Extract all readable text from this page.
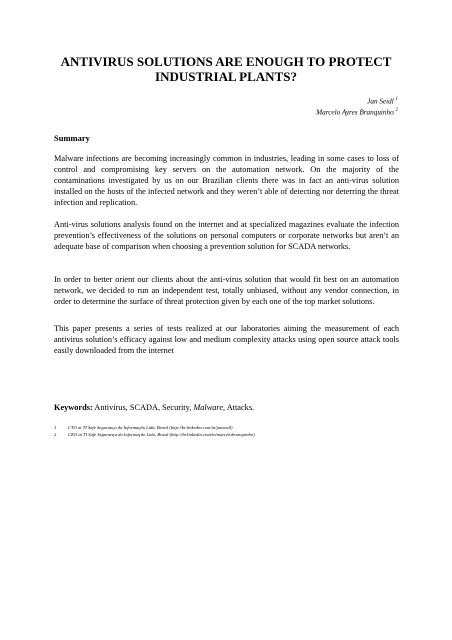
ANTIVIRUS SOLUTIONS ARE ENOUGH TO PROTECT
INDUSTRIAL PLANTS?
Jan Seidl $^1$
Marcelo Ayres Branquinho $^2$
Summary

Malware infections are becoming increasingly common in industries, leading in some cases to loss of control and compromising key servers on the automation network. On the majority of the contaminations investigated by us on our Brazilian clients there was in fact an anti-virus solution installed on the hosts of the infected network and they weren’t able of detecting nor deterring the threat infection and replication.

Anti-virus solutions analysis found on the internet and at specialized magazines evaluate the infection prevention’s effectiveness of the solutions on personal computers or corporate networks but aren’t an adequate base of comparison when choosing a prevention solution for SCADA networks.

In order to better orient our clients about the anti-virus solution that would fit best on an automation network, we decided to run an independent test, totally unbiased, without any vendor connection, in order to determine the surface of threat protection given by each one of the top market solutions.

This paper presents a series of tests realized at our laboratories aiming the measurement of each antivirus solution’s efficacy against low and medium complexity attacks using open source attack tools easily downloaded from the internet

Keywords: Antivirus, SCADA, Security, Malware, Attacks.

1	CTO at TI Safe Segurança da Informação Ltda, Brasil (http://br.linkedin.com/in/janseidl)
2	CEO at TI Safe Segurança da Informação Ltda, Brasil (http://br.linkedin.com/in/marcelobranquinho)
